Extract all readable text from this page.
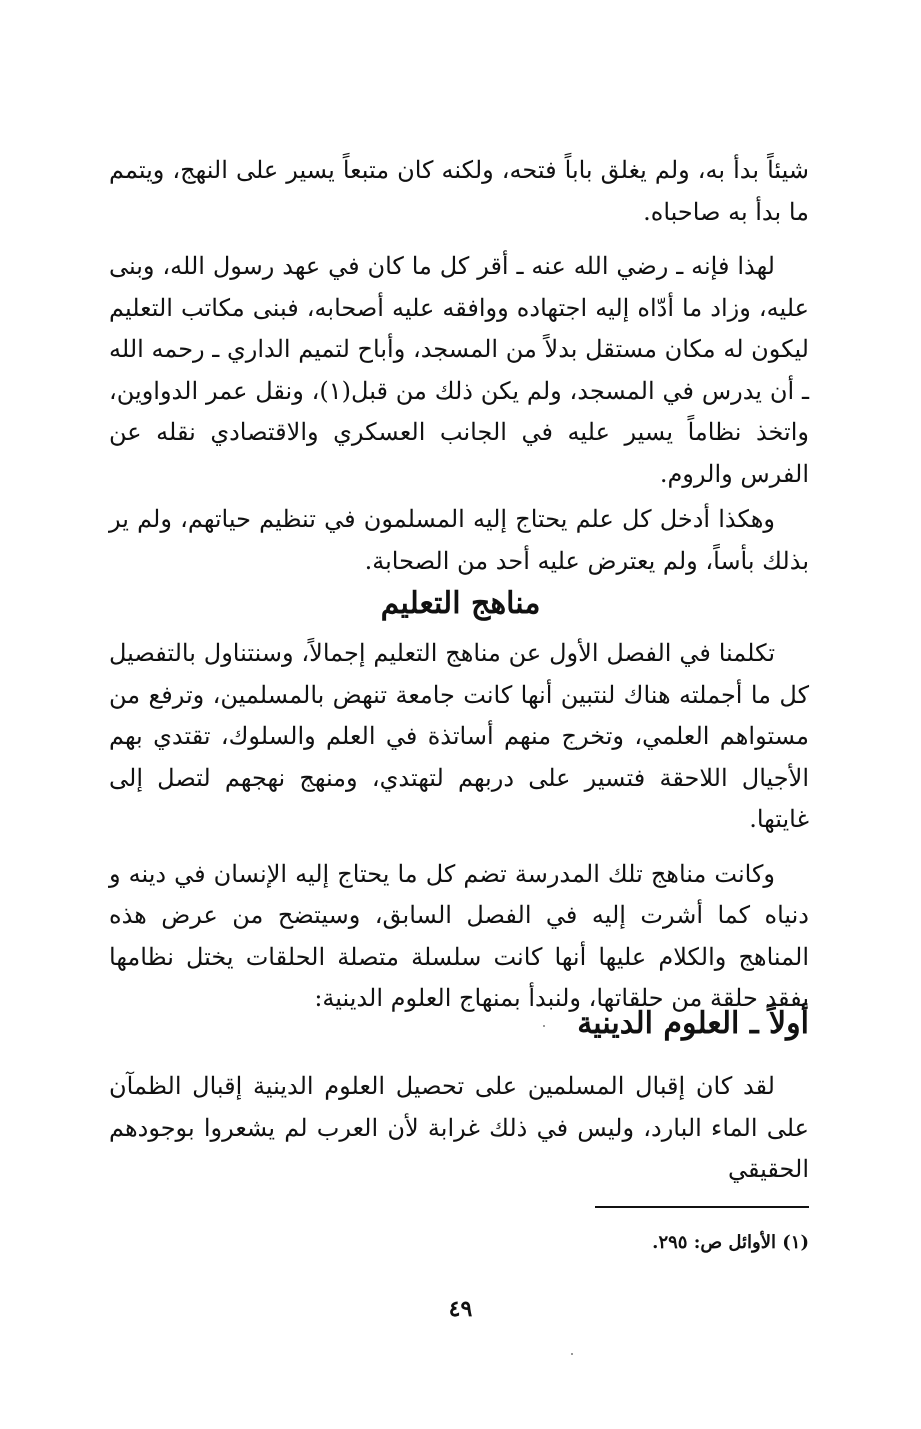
شيئاً بدأ به، ولم يغلق باباً فتحه، ولكنه كان متبعاً يسير على النهج، ويتمم ما بدأ به صاحباه.

لهذا فإنه ـ رضي الله عنه ـ أقر كل ما كان في عهد رسول الله، وبنى عليه، وزاد ما أدّاه إليه اجتهاده ووافقه عليه أصحابه، فبنى مكاتب التعليم ليكون له مكان مستقل بدلاً من المسجد، وأباح لتميم الداري ـ رحمه الله ـ أن يدرس في المسجد، ولم يكن ذلك من قبل(١)، ونقل عمر الدواوين، واتخذ نظاماً يسير عليه في الجانب العسكري والاقتصادي نقله عن الفرس والروم.

وهكذا أدخل كل علم يحتاج إليه المسلمون في تنظيم حياتهم، ولم ير بذلك بأساً، ولم يعترض عليه أحد من الصحابة.

مناهج التعليم

تكلمنا في الفصل الأول عن مناهج التعليم إجمالاً، وسنتناول بالتفصيل كل ما أجملته هناك لنتبين أنها كانت جامعة تنهض بالمسلمين، وترفع من مستواهم العلمي، وتخرج منهم أساتذة في العلم والسلوك، تقتدي بهم الأجيال اللاحقة فتسير على دربهم لتهتدي، ومنهج نهجهم لتصل إلى غايتها.

وكانت مناهج تلك المدرسة تضم كل ما يحتاج إليه الإنسان في دينه و دنياه كما أشرت إليه في الفصل السابق، وسيتضح من عرض هذه المناهج والكلام عليها أنها كانت سلسلة متصلة الحلقات يختل نظامها بفقد حلقة من حلقاتها، ولنبدأ بمنهاج العلوم الدينية:

أولاً ـ العلوم الدينية

لقد كان إقبال المسلمين على تحصيل العلوم الدينية إقبال الظمآن على الماء البارد، وليس في ذلك غرابة لأن العرب لم يشعروا بوجودهم الحقيقي

(١) الأوائل ص: ٢٩٥.
٤٩
